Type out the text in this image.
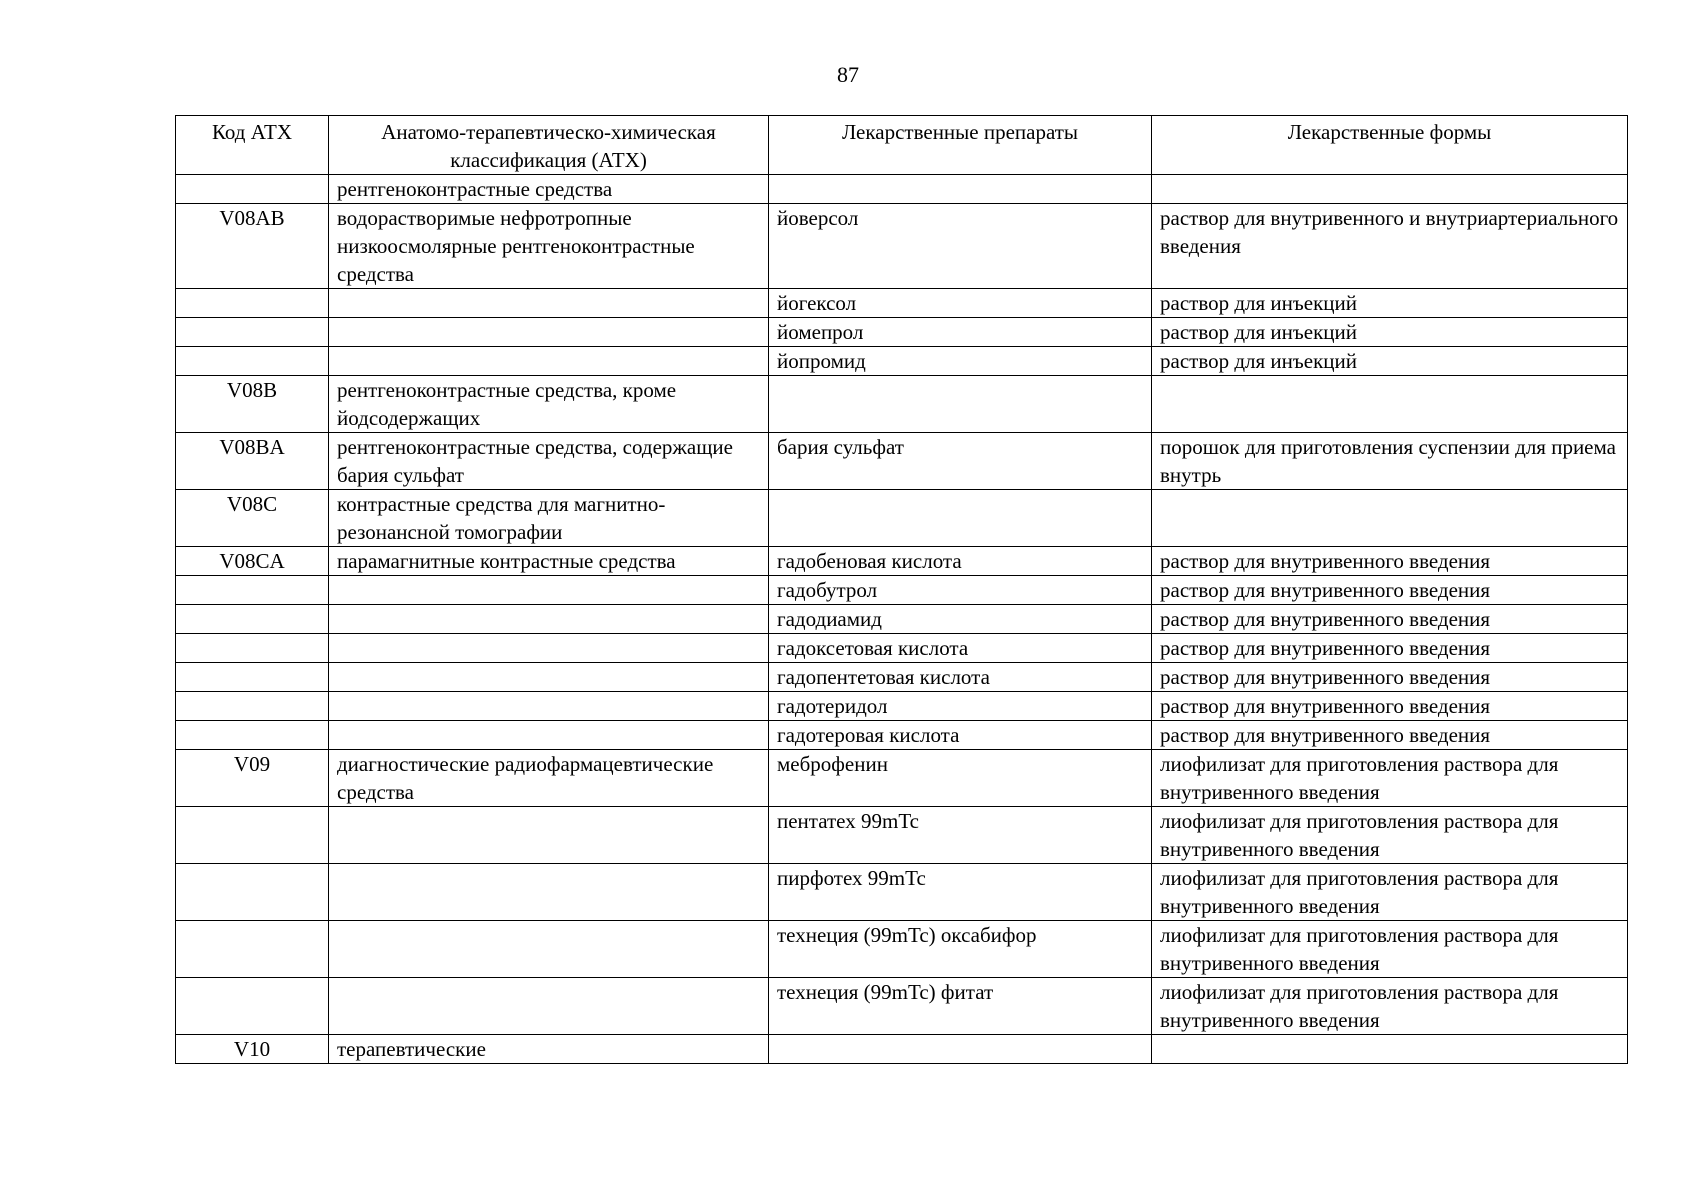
87
Код АТХ	Анатомо-терапевтическо-химическая классификация (АТХ)	Лекарственные препараты	Лекарственные формы
	рентгеноконтрастные средства		
V08AB	водорастворимые нефротропные низкоосмолярные рентгеноконтрастные средства	йоверсол	раствор для внутривенного и внутриартериального введения
		йогексол	раствор для инъекций
		йомепрол	раствор для инъекций
		йопромид	раствор для инъекций
V08B	рентгеноконтрастные средства, кроме йодсодержащих		
V08BA	рентгеноконтрастные средства, содержащие бария сульфат	бария сульфат	порошок для приготовления суспензии для приема внутрь
V08C	контрастные средства для магнитно-резонансной томографии		
V08CA	парамагнитные контрастные средства	гадобеновая кислота	раствор для внутривенного введения
		гадобутрол	раствор для внутривенного введения
		гадодиамид	раствор для внутривенного введения
		гадоксетовая кислота	раствор для внутривенного введения
		гадопентетовая кислота	раствор для внутривенного введения
		гадотеридол	раствор для внутривенного введения
		гадотеровая кислота	раствор для внутривенного введения
V09	диагностические радиофармацевтические средства	меброфенин	лиофилизат для приготовления раствора для внутривенного введения
		пентатех 99mTc	лиофилизат для приготовления раствора для внутривенного введения
		пирфотех 99mTc	лиофилизат для приготовления раствора для внутривенного введения
		технеция (99mTc) оксабифор	лиофилизат для приготовления раствора для внутривенного введения
		технеция (99mTc) фитат	лиофилизат для приготовления раствора для внутривенного введения
V10	терапевтические		
